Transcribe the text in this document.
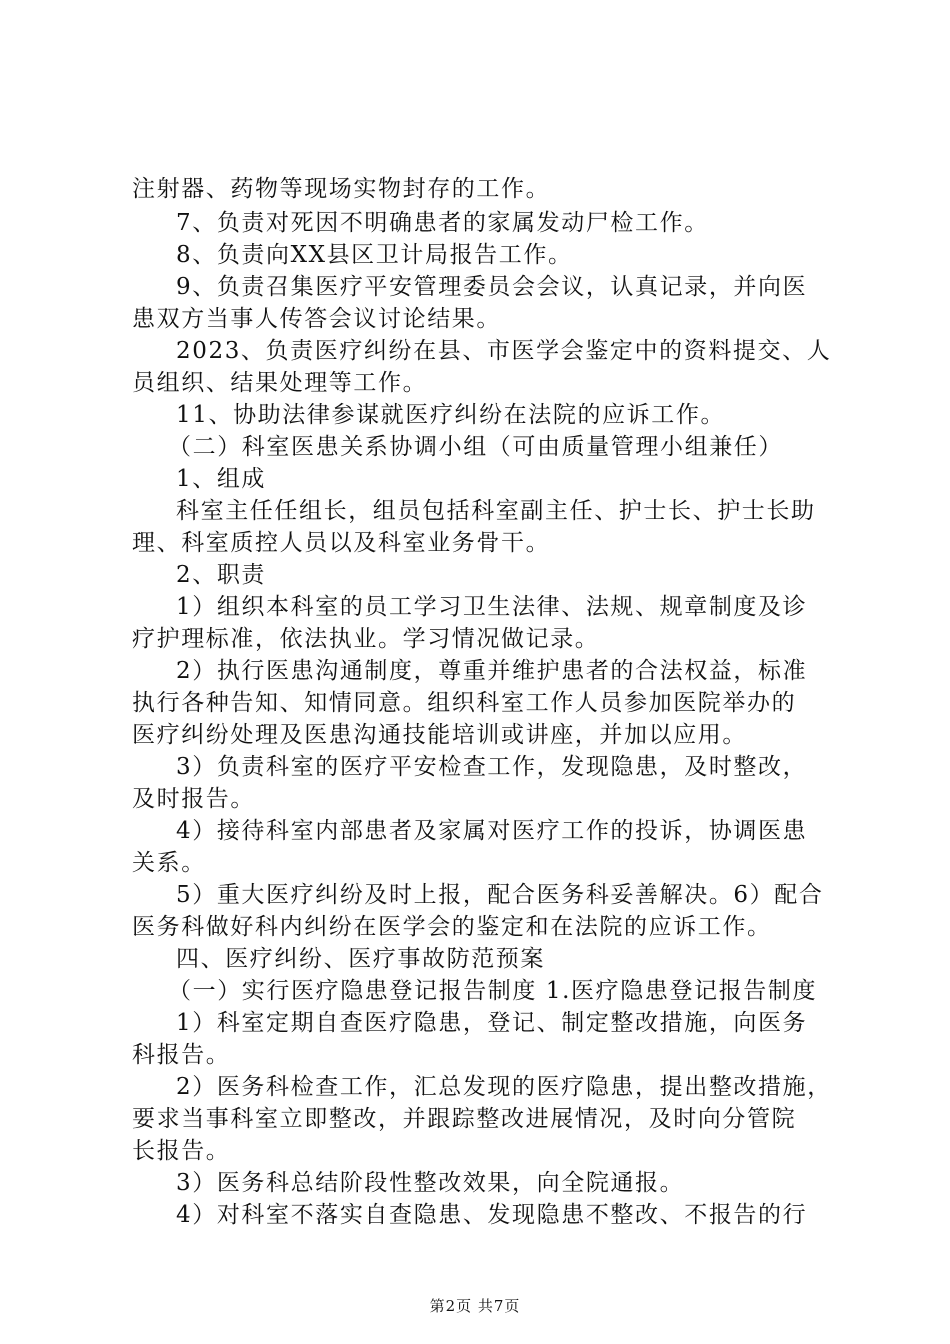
注射器、药物等现场实物封存的工作。
7、负责对死因不明确患者的家属发动尸检工作。
8、负责向XX县区卫计局报告工作。
9、负责召集医疗平安管理委员会会议，认真记录，并向医
患双方当事人传答会议讨论结果。
2023、负责医疗纠纷在县、市医学会鉴定中的资料提交、人
员组织、结果处理等工作。
11、协助法律参谋就医疗纠纷在法院的应诉工作。
（二）科室医患关系协调小组（可由质量管理小组兼任）
1、组成
科室主任任组长，组员包括科室副主任、护士长、护士长助
理、科室质控人员以及科室业务骨干。
2、职责
1）组织本科室的员工学习卫生法律、法规、规章制度及诊
疗护理标准，依法执业。学习情况做记录。
2）执行医患沟通制度，尊重并维护患者的合法权益，标准
执行各种告知、知情同意。组织科室工作人员参加医院举办的
医疗纠纷处理及医患沟通技能培训或讲座，并加以应用。
3）负责科室的医疗平安检查工作，发现隐患，及时整改，
及时报告。
4）接待科室内部患者及家属对医疗工作的投诉，协调医患
关系。
5）重大医疗纠纷及时上报，配合医务科妥善解决。6）配合
医务科做好科内纠纷在医学会的鉴定和在法院的应诉工作。
四、医疗纠纷、医疗事故防范预案
（一）实行医疗隐患登记报告制度 1.医疗隐患登记报告制度
1）科室定期自查医疗隐患，登记、制定整改措施，向医务
科报告。
2）医务科检查工作，汇总发现的医疗隐患，提出整改措施，
要求当事科室立即整改，并跟踪整改进展情况，及时向分管院
长报告。
3）医务科总结阶段性整改效果，向全院通报。
4）对科室不落实自查隐患、发现隐患不整改、不报告的行
第2页 共7页
